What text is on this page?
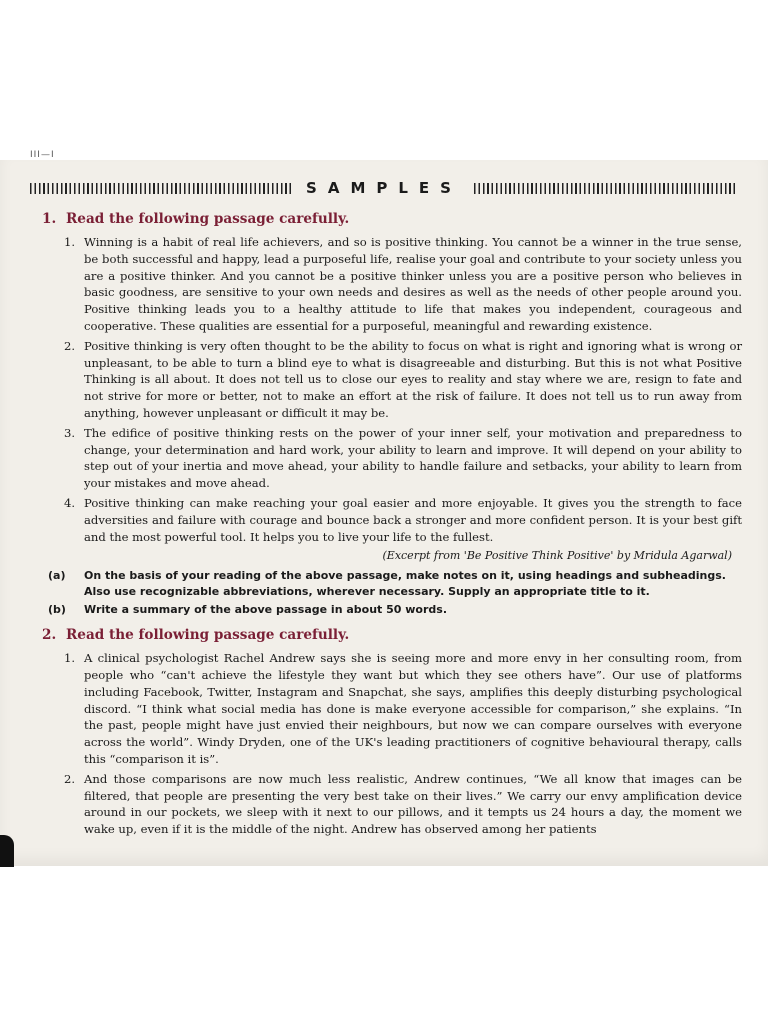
III—I
SAMPLES
1. Read the following passage carefully.
1. Winning is a habit of real life achievers, and so is positive thinking. You cannot be a winner in the true sense, be both successful and happy, lead a purposeful life, realise your goal and contribute to your society unless you are a positive thinker. And you cannot be a positive thinker unless you are a positive person who believes in basic goodness, are sensitive to your own needs and desires as well as the needs of other people around you. Positive thinking leads you to a healthy attitude to life that makes you independent, courageous and cooperative. These qualities are essential for a purposeful, meaningful and rewarding existence.
2. Positive thinking is very often thought to be the ability to focus on what is right and ignoring what is wrong or unpleasant, to be able to turn a blind eye to what is disagreeable and disturbing. But this is not what Positive Thinking is all about. It does not tell us to close our eyes to reality and stay where we are, resign to fate and not strive for more or better, not to make an effort at the risk of failure. It does not tell us to run away from anything, however unpleasant or difficult it may be.
3. The edifice of positive thinking rests on the power of your inner self, your motivation and preparedness to change, your determination and hard work, your ability to learn and improve. It will depend on your ability to step out of your inertia and move ahead, your ability to handle failure and setbacks, your ability to learn from your mistakes and move ahead.
4. Positive thinking can make reaching your goal easier and more enjoyable. It gives you the strength to face adversities and failure with courage and bounce back a stronger and more confident person. It is your best gift and the most powerful tool. It helps you to live your life to the fullest.
(Excerpt from 'Be Positive Think Positive' by Mridula Agarwal)
(a)	On the basis of your reading of the above passage, make notes on it, using headings and subheadings. Also use recognizable abbreviations, wherever necessary. Supply an appropriate title to it.
(b)	Write a summary of the above passage in about 50 words.
2. Read the following passage carefully.
1. A clinical psychologist Rachel Andrew says she is seeing more and more envy in her consulting room, from people who “can't achieve the lifestyle they want but which they see others have”. Our use of platforms including Facebook, Twitter, Instagram and Snapchat, she says, amplifies this deeply disturbing psychological discord. “I think what social media has done is make everyone accessible for comparison,” she explains. “In the past, people might have just envied their neighbours, but now we can compare ourselves with everyone across the world”. Windy Dryden, one of the UK's leading practitioners of cognitive behavioural therapy, calls this “comparison it is”.
2. And those comparisons are now much less realistic, Andrew continues, “We all know that images can be filtered, that people are presenting the very best take on their lives.” We carry our envy amplification device around in our pockets, we sleep with it next to our pillows, and it tempts us 24 hours a day, the moment we wake up, even if it is the middle of the night. Andrew has observed among her patients
